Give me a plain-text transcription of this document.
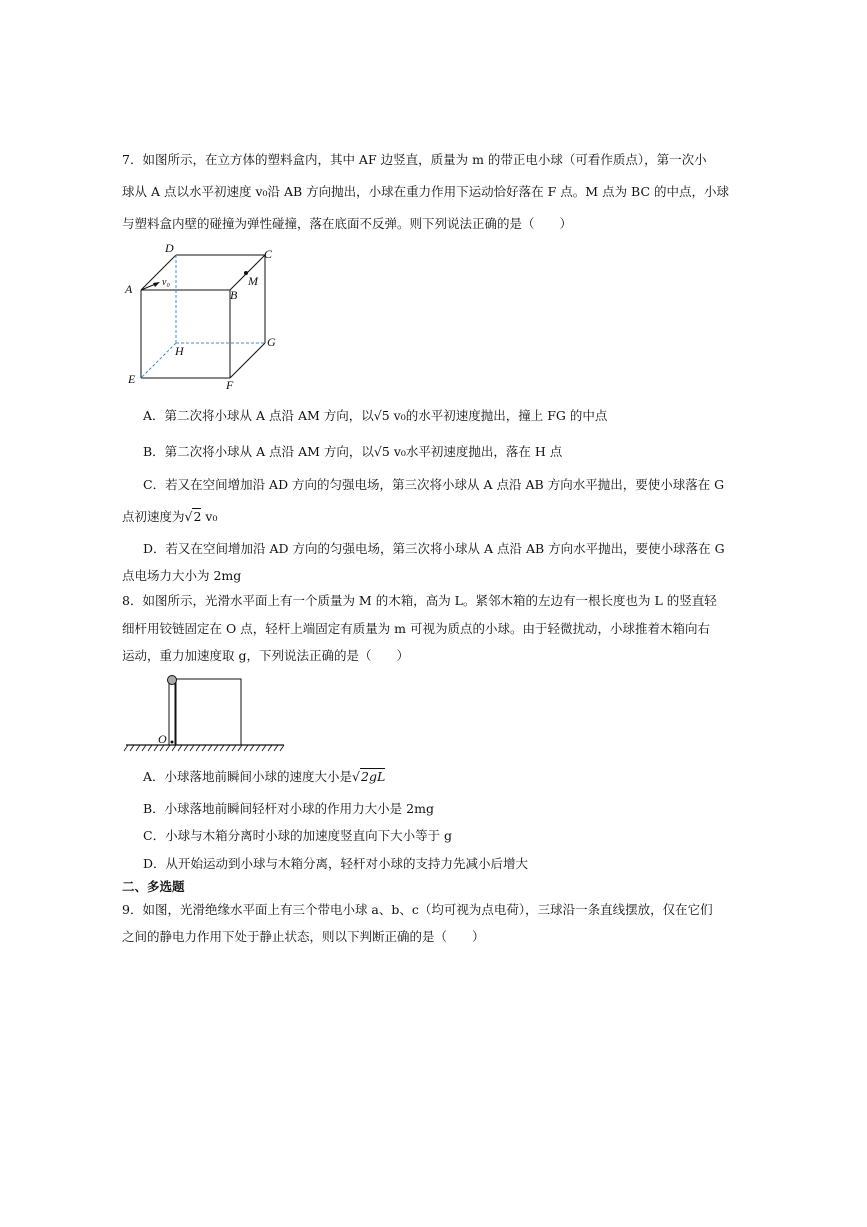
7．如图所示，在立方体的塑料盒内，其中 AF 边竖直，质量为 m 的带正电小球（可看作质点），第一次小
球从 A 点以水平初速度 v₀沿 AB 方向抛出，小球在重力作用下运动恰好落在 F 点。M 点为 BC 的中点，小球
与塑料盒内壁的碰撞为弹性碰撞，落在底面不反弹。则下列说法正确的是（　　）
D	C
A	B
M
v₀
H
G
E	F
A．第二次将小球从 A 点沿 AM 方向，以√5 v₀的水平初速度抛出，撞上 FG 的中点
B．第二次将小球从 A 点沿 AM 方向，以√5 v₀水平初速度抛出，落在 H 点
C．若又在空间增加沿 AD 方向的匀强电场，第三次将小球从 A 点沿 AB 方向水平抛出，要使小球落在 G
点初速度为√2 v₀
D．若又在空间增加沿 AD 方向的匀强电场，第三次将小球从 A 点沿 AB 方向水平抛出，要使小球落在 G
点电场力大小为 2mg
8．如图所示，光滑水平面上有一个质量为 M 的木箱，高为 L。紧邻木箱的左边有一根长度也为 L 的竖直轻
细杆用铰链固定在 O 点，轻杆上端固定有质量为 m 可视为质点的小球。由于轻微扰动，小球推着木箱向右
运动，重力加速度取 g，下列说法正确的是（　　）
O
A．小球落地前瞬间小球的速度大小是√2gL
B．小球落地前瞬间轻杆对小球的作用力大小是 2mg
C．小球与木箱分离时小球的加速度竖直向下大小等于 g
D．从开始运动到小球与木箱分离，轻杆对小球的支持力先减小后增大
二、多选题
9．如图，光滑绝缘水平面上有三个带电小球 a、b、c（均可视为点电荷），三球沿一条直线摆放，仅在它们
之间的静电力作用下处于静止状态，则以下判断正确的是（　　）
